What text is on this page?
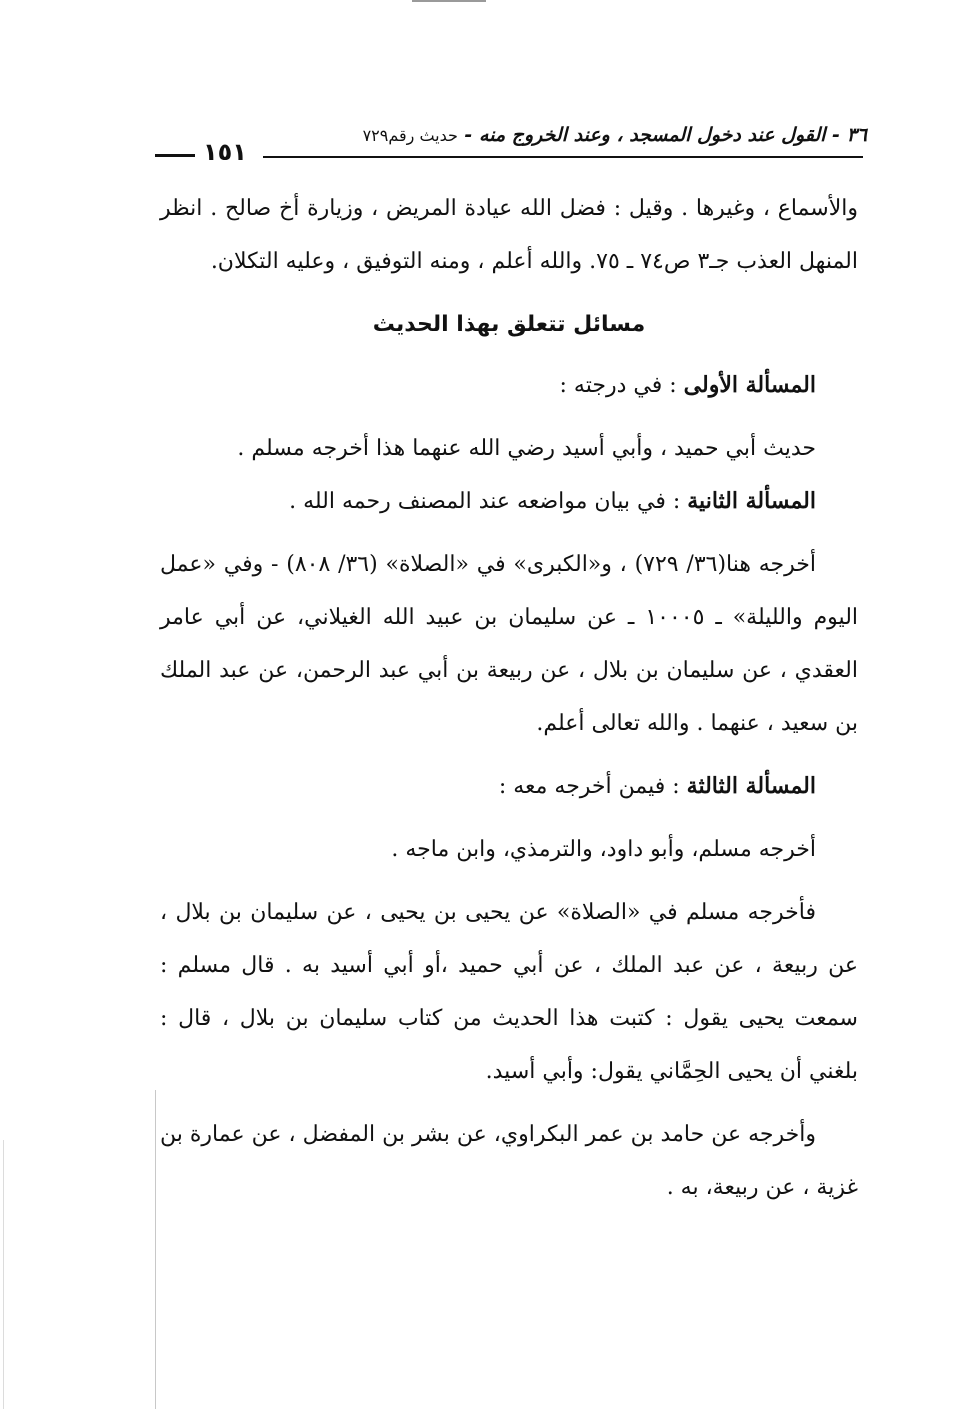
٣٦ - القول عند دخول المسجد ، وعند الخروج منه - حديث رقم٧٢٩
١٥١

والأسماع ، وغيرها . وقيل : فضل الله عيادة المريض ، وزيارة أخ صالح . انظر المنهل العذب جـ٣ ص٧٤ ـ ٧٥. والله أعلم ، ومنه التوفيق ، وعليه التكلان.

مسائل تتعلق بهذا الحديث

المسألة الأولى : في درجته :

حديث أبي حميد ، وأبي أسيد رضي الله عنهما هذا أخرجه مسلم .

المسألة الثانية : في بيان مواضعه عند المصنف رحمه الله .

أخرجه هنا(٣٦/ ٧٢٩) ، و«الكبرى» في «الصلاة» (٣٦/ ٨٠٨) - وفي «عمل اليوم والليلة» ـ ١٠٠٠٥ ـ عن سليمان بن عبيد الله الغيلاني، عن أبي عامر العقدي ، عن سليمان بن بلال ، عن ربيعة بن أبي عبد الرحمن، عن عبد الملك بن سعيد ، عنهما . والله تعالى أعلم.

المسألة الثالثة : فيمن أخرجه معه :

أخرجه مسلم، وأبو داود، والترمذي، وابن ماجه .

فأخرجه مسلم في «الصلاة» عن يحيى بن يحيى ، عن سليمان بن بلال ، عن ربيعة ، عن عبد الملك ، عن أبي حميد ،أو أبي أسيد به . قال مسلم : سمعت يحيى يقول : كتبت هذا الحديث من كتاب سليمان بن بلال ، قال : بلغني أن يحيى الحِمَّاني يقول: وأبي أسيد.

وأخرجه عن حامد بن عمر البكراوي، عن بشر بن المفضل ، عن عمارة بن غزية ، عن ربيعة، به .
